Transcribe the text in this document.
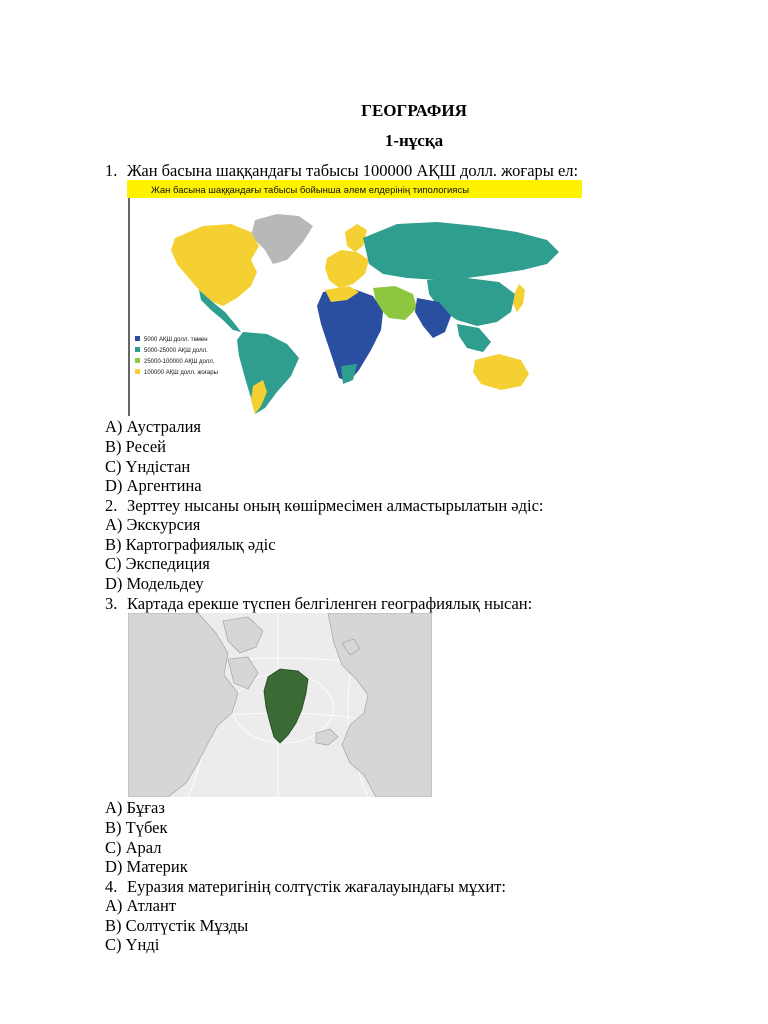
ГЕОГРАФИЯ
1-нұсқа
1. Жан басына шаққандағы табысы 100000 АҚШ долл. жоғары ел:
Жан басына шаққандағы табысы бойынша әлем елдерінің типологиясы
5000 АҚШ долл. төмен
5000-25000 АҚШ долл.
25000-100000 АҚШ долл.
100000 АҚШ долл. жоғары
A) Аустралия
B) Ресей
C) Үндістан
D) Аргентина
2. Зерттеу нысаны оның көшірмесімен алмастырылатын әдіс:
A) Экскурсия
B) Картографиялық әдіс
C) Экспедиция
D) Модельдеу
3. Картада ерекше түспен белгіленген географиялық нысан:
A) Бұғаз
B) Түбек
C) Арал
D) Материк
4. Еуразия материгінің солтүстік жағалауындағы мұхит:
A) Атлант
B) Солтүстік Мұзды
C) Үнді
